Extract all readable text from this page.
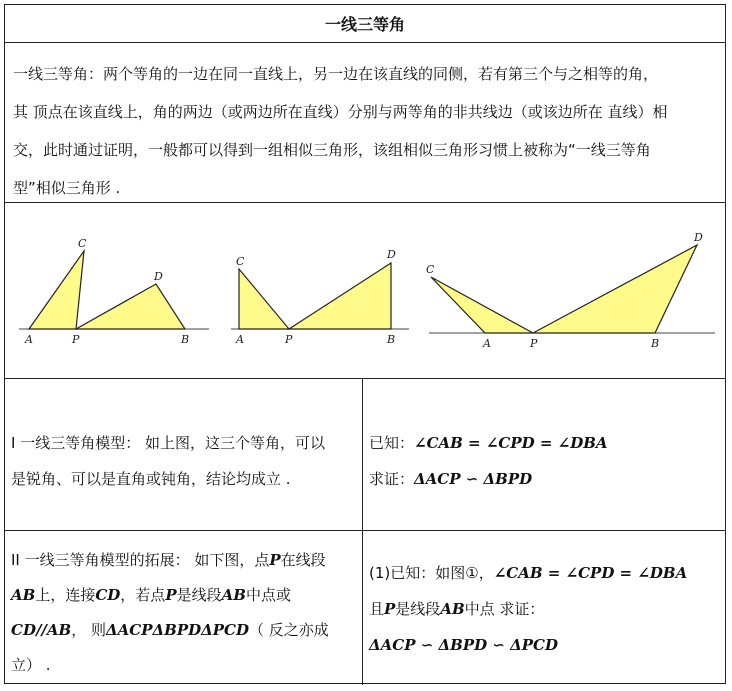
一线三等角
一线三等角：两个等角的一边在同一直线上，另一边在该直线的同侧，若有第三个与之相等的角，
其 顶点在该直线上，角的两边（或两边所在直线）分别与两等角的非共线边（或该边所在 直线）相
交，此时通过证明，一般都可以得到一组相似三角形，该组相似三角形习惯上被称为“一线三等角
型”相似三角形 .
A	P	B
C
D
A	P	B
C
D
A	P	B
C
D
I 一线三等角模型： 如上图，这三个等角，可以
是锐角、可以是直角或钝角，结论均成立 .
已知：∠CAB = ∠CPD = ∠DBA
求证：ΔACP ∽ ΔBPD
II 一线三等角模型的拓展： 如下图，点P在线段
AB上，连接CD，若点P是线段AB中点或
CD//AB， 则ΔACPΔBPDΔPCD（ 反之亦成
立） .
(1)已知：如图①，∠CAB = ∠CPD = ∠DBA
且P是线段AB中点 求证：
ΔACP ∽ ΔBPD ∽ ΔPCD
